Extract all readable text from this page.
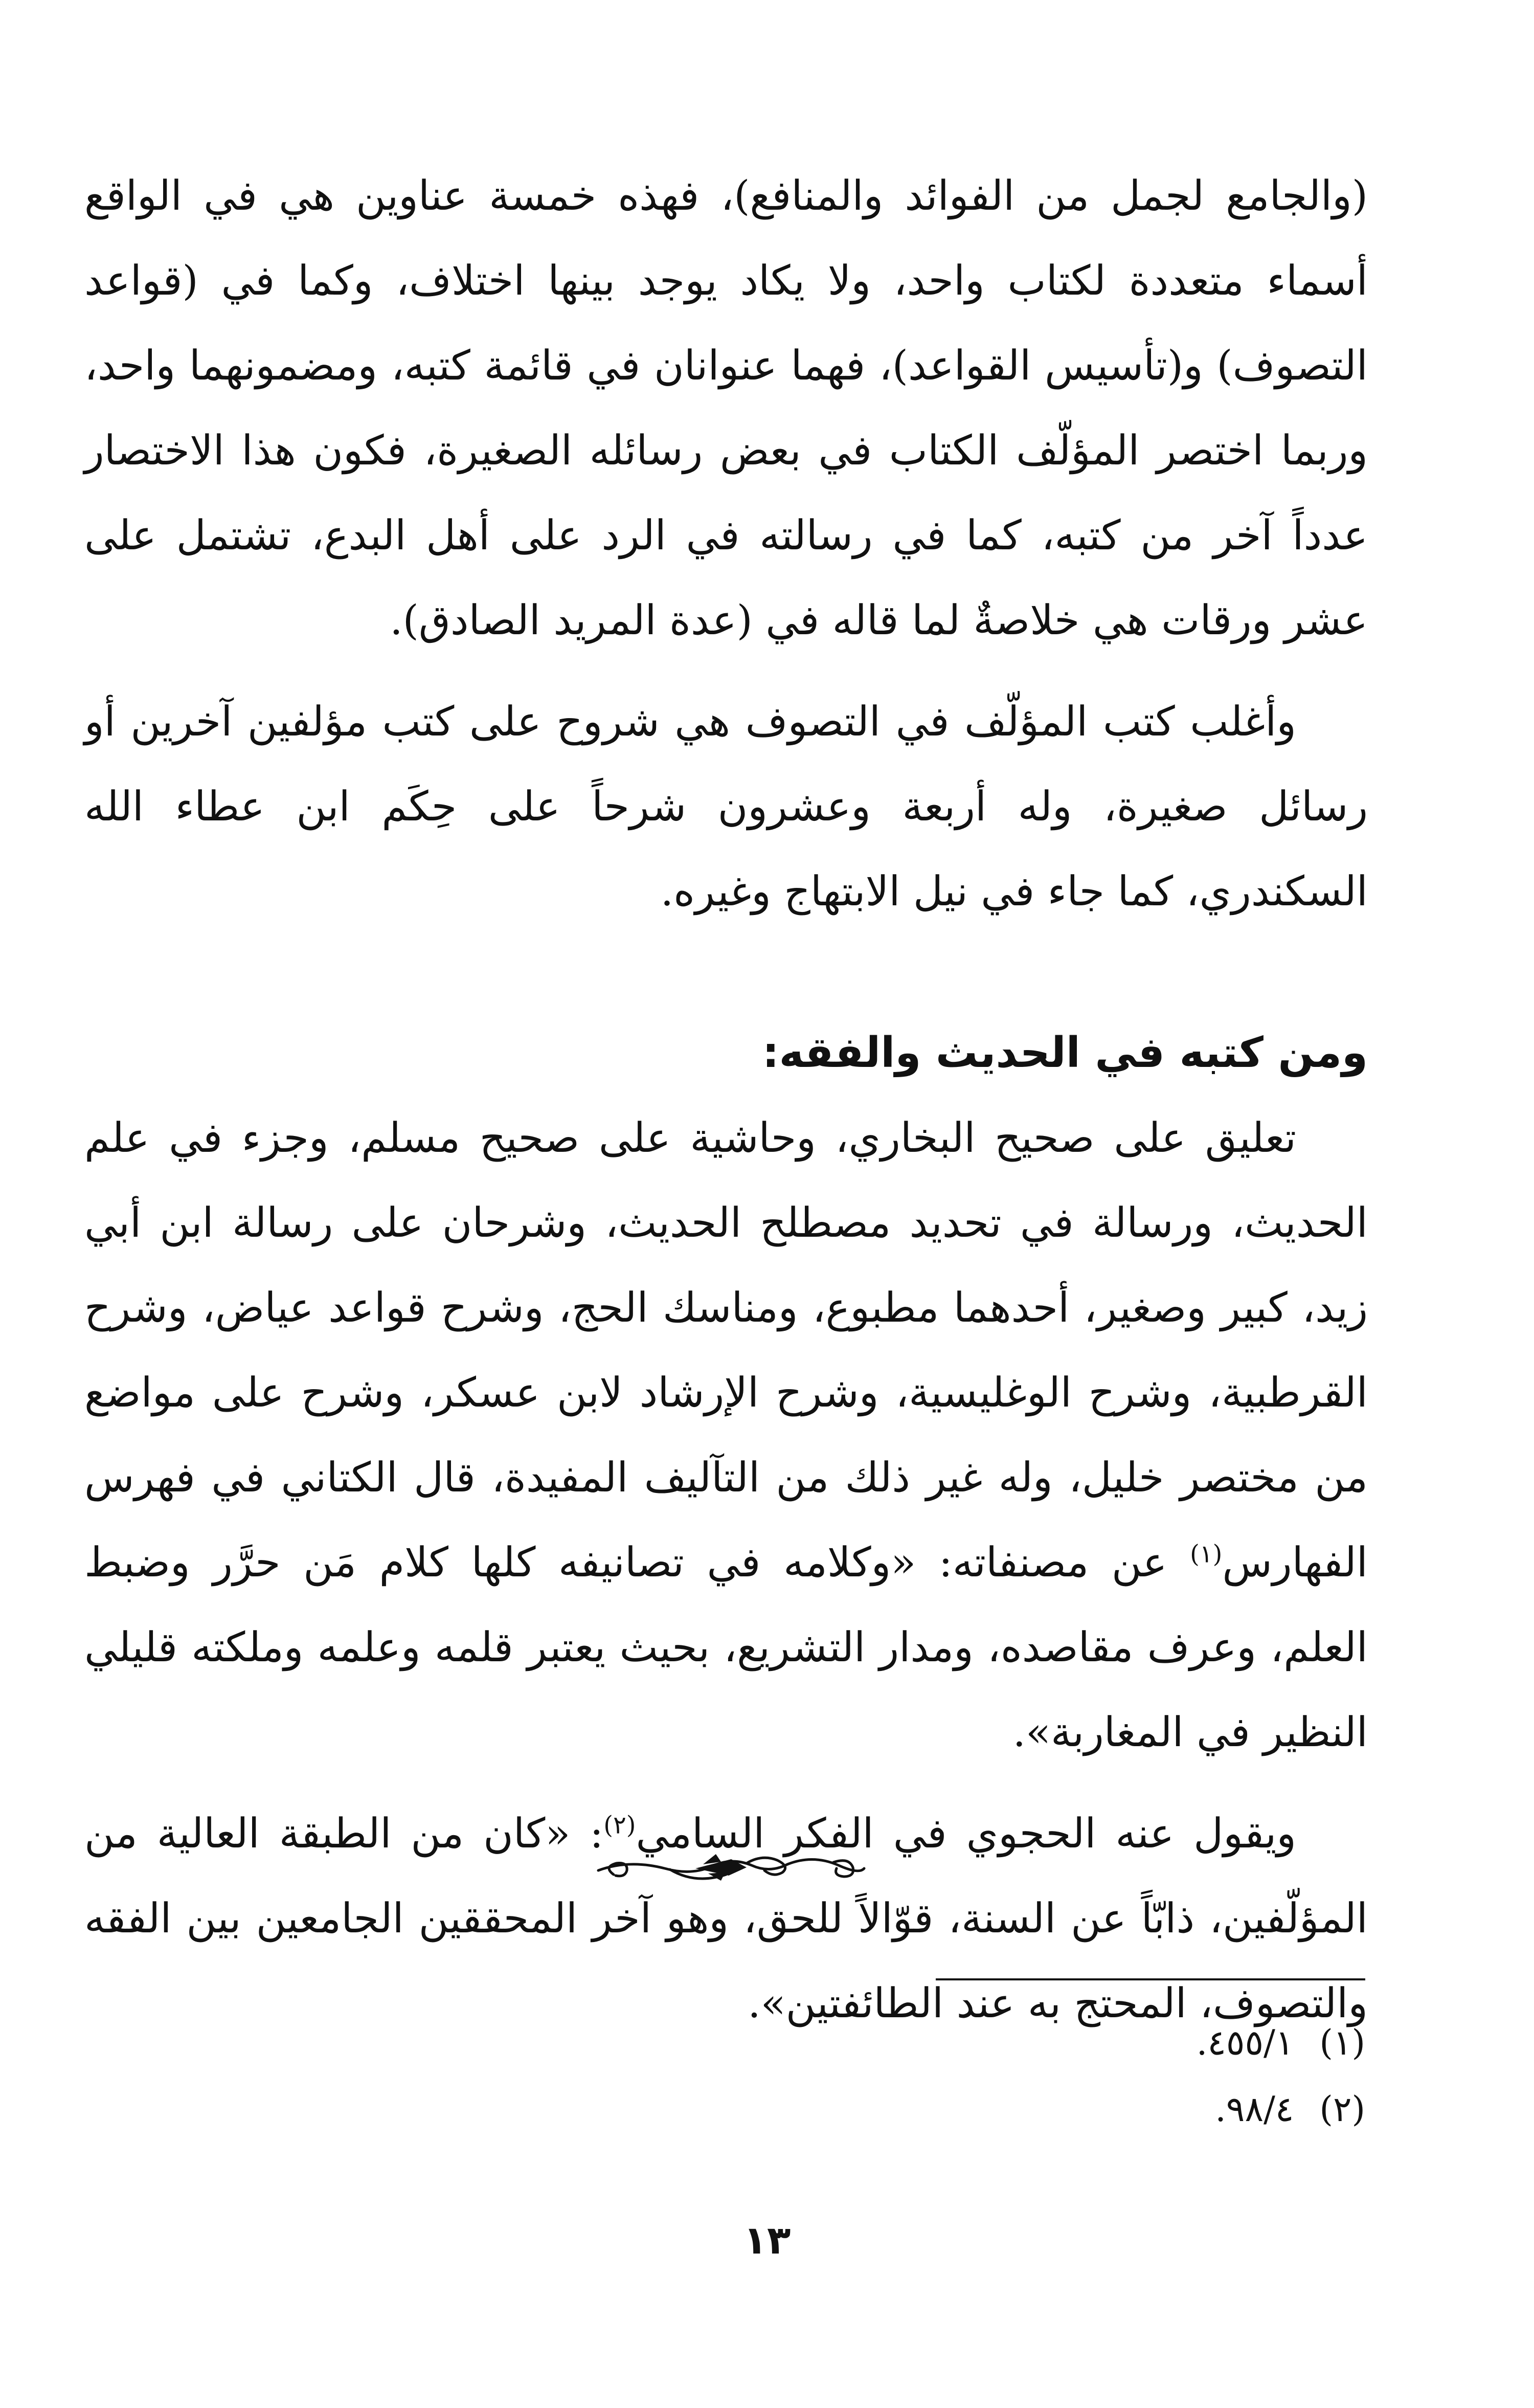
(والجامع لجمل من الفوائد والمنافع)، فهذه خمسة عناوين هي في الواقع أسماء متعددة لكتاب واحد، ولا يكاد يوجد بينها اختلاف، وكما في (قواعد التصوف) و(تأسيس القواعد)، فهما عنوانان في قائمة كتبه، ومضمونهما واحد، وربما اختصر المؤلّف الكتاب في بعض رسائله الصغيرة، فكون هذا الاختصار عدداً آخر من كتبه، كما في رسالته في الرد على أهل البدع، تشتمل على عشر ورقات هي خلاصةٌ لما قاله في (عدة المريد الصادق).

وأغلب كتب المؤلّف في التصوف هي شروح على كتب مؤلفين آخرين أو رسائل صغيرة، وله أربعة وعشرون شرحاً على حِكَم ابن عطاء الله السكندري، كما جاء في نيل الابتهاج وغيره.

ومن كتبه في الحديث والفقه:

تعليق على صحيح البخاري، وحاشية على صحيح مسلم، وجزء في علم الحديث، ورسالة في تحديد مصطلح الحديث، وشرحان على رسالة ابن أبي زيد، كبير وصغير، أحدهما مطبوع، ومناسك الحج، وشرح قواعد عياض، وشرح القرطبية، وشرح الوغليسية، وشرح الإرشاد لابن عسكر، وشرح على مواضع من مختصر خليل، وله غير ذلك من التآليف المفيدة، قال الكتاني في فهرس الفهارس$^{(١)}$ عن مصنفاته: «وكلامه في تصانيفه كلها كلام مَن حرَّر وضبط العلم، وعرف مقاصده، ومدار التشريع، بحيث يعتبر قلمه وعلمه وملكته قليلي النظير في المغاربة».

ويقول عنه الحجوي في الفكر السامي$^{(٢)}$: «كان من الطبقة العالية من المؤلّفين، ذابّاً عن السنة، قوّالاً للحق، وهو آخر المحققين الجامعين بين الفقه والتصوف، المحتج به عند الطائفتين».

(١)٤٥٥/١.

(٢)٩٨/٤.

١٣
